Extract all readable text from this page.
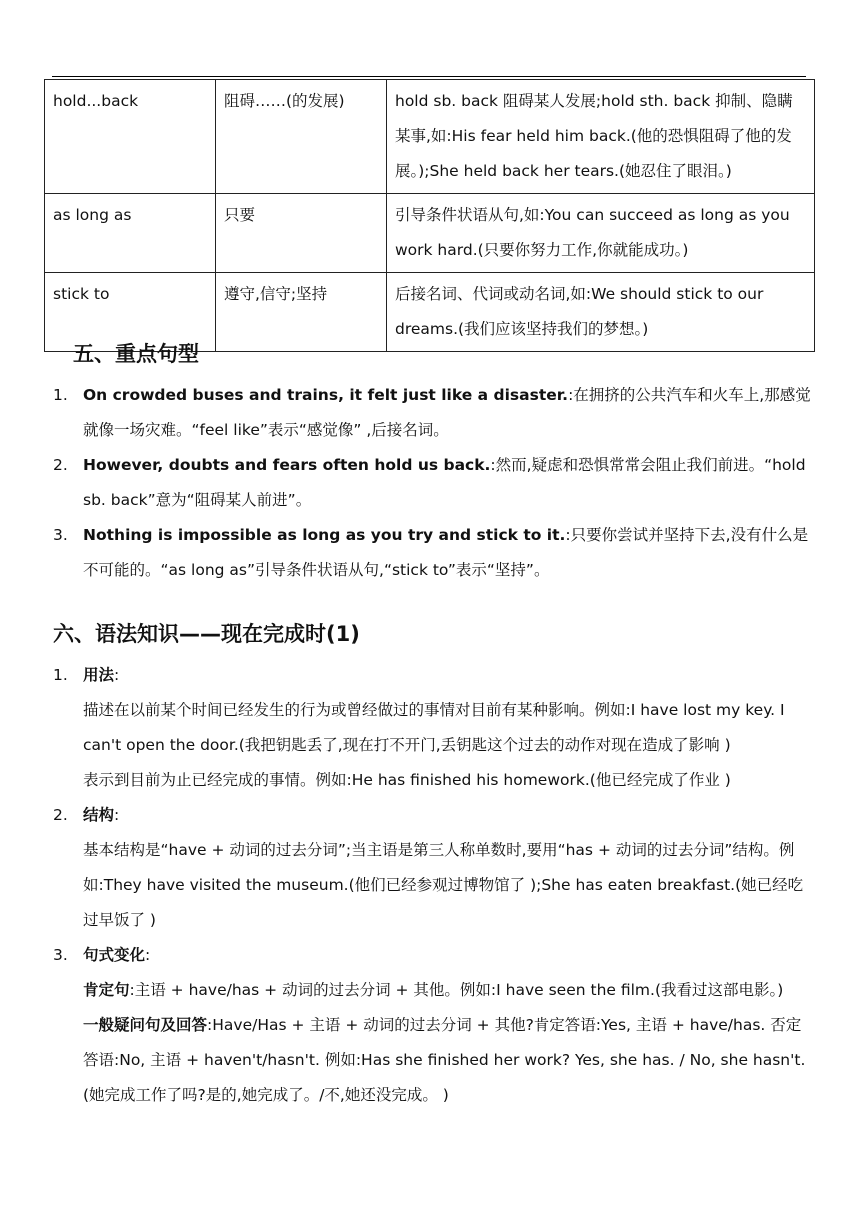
hold...back	阻碍……(的发展)	hold sb. back 阻碍某人发展;hold sth. back 抑制、隐瞒某事,如:His fear held him back.(他的恐惧阻碍了他的发展。);She held back her tears.(她忍住了眼泪。)
as long as	只要	引导条件状语从句,如:You can succeed as long as you work hard.(只要你努力工作,你就能成功。)
stick to	遵守,信守;坚持	后接名词、代词或动名词,如:We should stick to our dreams.(我们应该坚持我们的梦想。)
五、重点句型
1. On crowded buses and trains, it felt just like a disaster.:在拥挤的公共汽车和火车上,那感觉就像一场灾难。“feel like”表示“感觉像” ,后接名词。
2. However, doubts and fears often hold us back.:然而,疑虑和恐惧常常会阻止我们前进。“hold sb. back”意为“阻碍某人前进”。
3. Nothing is impossible as long as you try and stick to it.:只要你尝试并坚持下去,没有什么是不可能的。“as long as”引导条件状语从句,“stick to”表示“坚持”。
六、语法知识——现在完成时(1)
1. 用法:
描述在以前某个时间已经发生的行为或曾经做过的事情对目前有某种影响。例如:I have lost my key. I can't open the door.(我把钥匙丢了,现在打不开门,丢钥匙这个过去的动作对现在造成了影响 )
表示到目前为止已经完成的事情。例如:He has finished his homework.(他已经完成了作业 )
2. 结构:
基本结构是“have + 动词的过去分词”;当主语是第三人称单数时,要用“has + 动词的过去分词”结构。例如:They have visited the museum.(他们已经参观过博物馆了 );She has eaten breakfast.(她已经吃过早饭了 )
3. 句式变化:
肯定句:主语 + have/has + 动词的过去分词 + 其他。例如:I have seen the film.(我看过这部电影。)
一般疑问句及回答:Have/Has + 主语 + 动词的过去分词 + 其他?肯定答语:Yes, 主语 + have/has. 否定答语:No, 主语 + haven't/hasn't. 例如:Has she finished her work? Yes, she has. / No, she hasn't.(她完成工作了吗?是的,她完成了。/不,她还没完成。 )
